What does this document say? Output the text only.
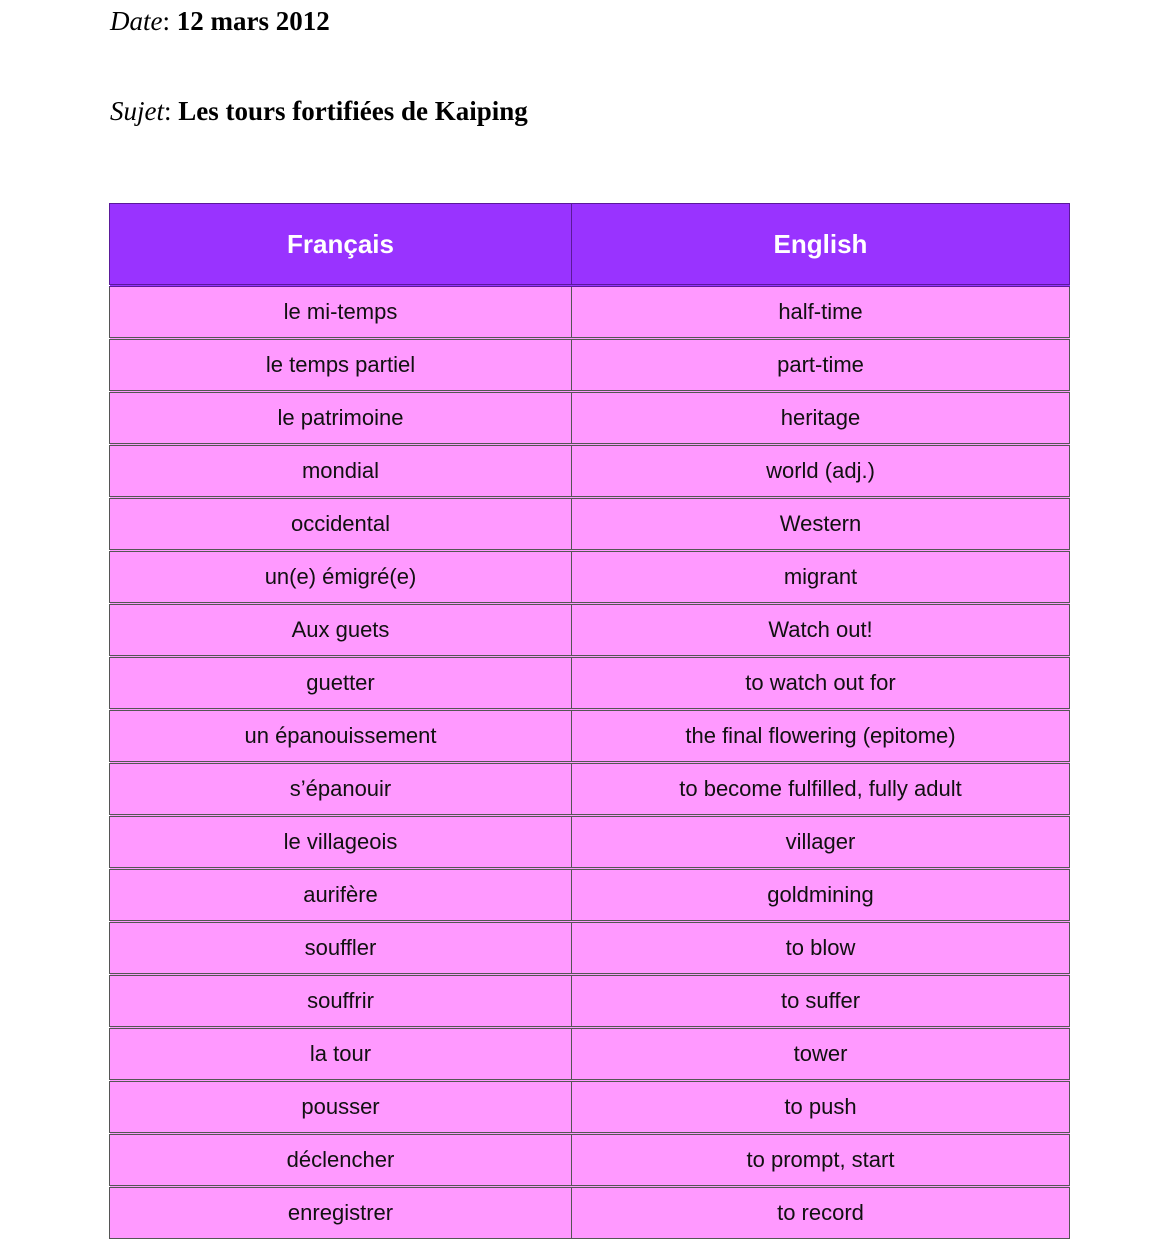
Date: 12 mars 2012
Sujet: Les tours fortifiées de Kaiping
Français	English
le mi-temps	half-time
le temps partiel	part-time
le patrimoine	heritage
mondial	world (adj.)
occidental	Western
un(e) émigré(e)	migrant
Aux guets	Watch out!
guetter	to watch out for
un épanouissement	the final flowering (epitome)
s’épanouir	to become fulfilled, fully adult
le villageois	villager
aurifère	goldmining
souffler	to blow
souffrir	to suffer
la tour	tower
pousser	to push
déclencher	to prompt, start
enregistrer	to record
